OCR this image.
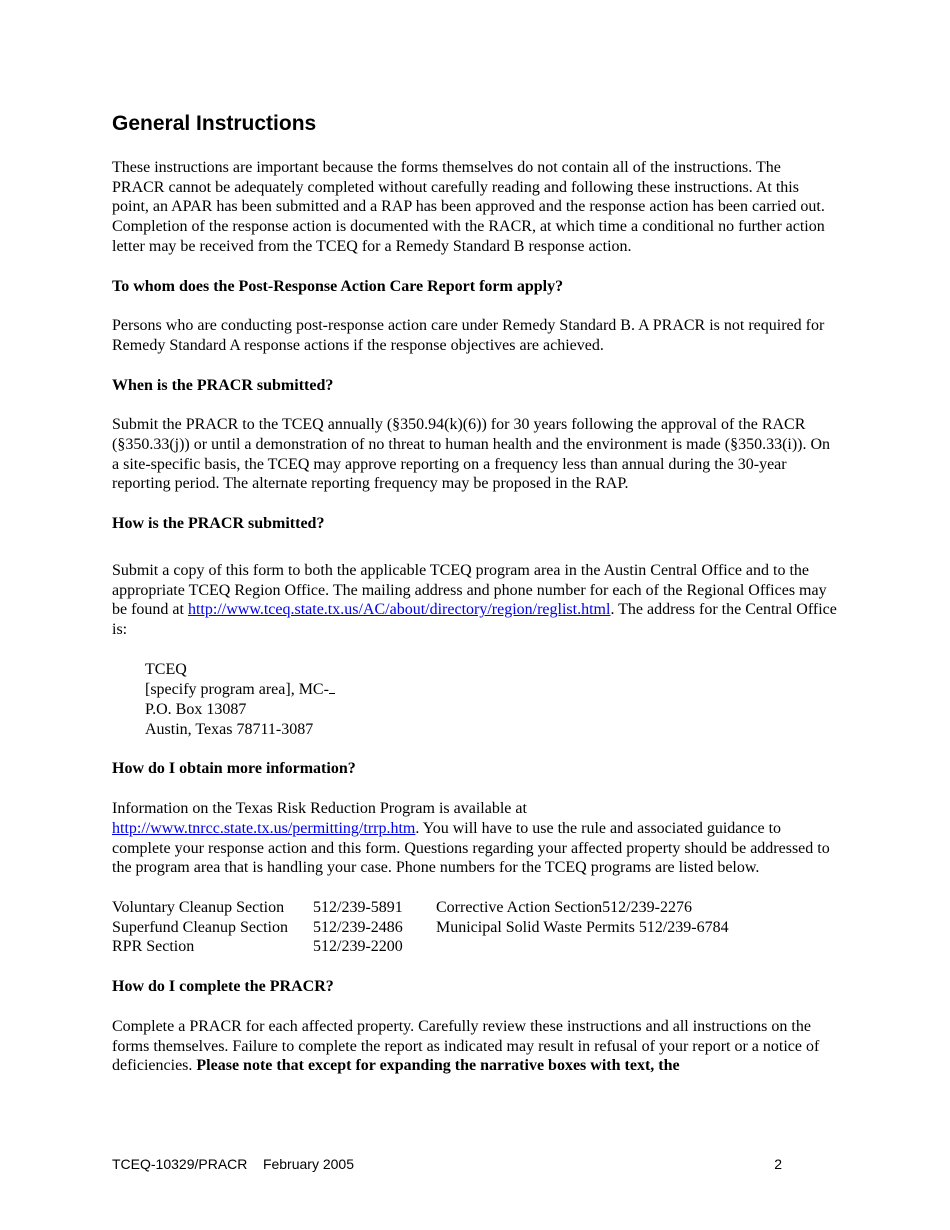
General Instructions

These instructions are important because the forms themselves do not contain all of the instructions. The PRACR cannot be adequately completed without carefully reading and following these instructions. At this point, an APAR has been submitted and a RAP has been approved and the response action has been carried out. Completion of the response action is documented with the RACR, at which time a conditional no further action letter may be received from the TCEQ for a Remedy Standard B response action.

To whom does the Post-Response Action Care Report form apply?

Persons who are conducting post-response action care under Remedy Standard B. A PRACR is not required for Remedy Standard A response actions if the response objectives are achieved.

When is the PRACR submitted?

Submit the PRACR to the TCEQ annually (§350.94(k)(6)) for 30 years following the approval of the RACR (§350.33(j)) or until a demonstration of no threat to human health and the environment is made (§350.33(i)). On a site-specific basis, the TCEQ may approve reporting on a frequency less than annual during the 30-year reporting period. The alternate reporting frequency may be proposed in the RAP.

How is the PRACR submitted?

Submit a copy of this form to both the applicable TCEQ program area in the Austin Central Office and to the appropriate TCEQ Region Office. The mailing address and phone number for each of the Regional Offices may be found at http://www.tceq.state.tx.us/AC/about/directory/region/reglist.html. The address for the Central Office is:

TCEQ
[specify program area], MC-
P.O. Box 13087
Austin, Texas 78711-3087

How do I obtain more information?

Information on the Texas Risk Reduction Program is available at http://www.tnrcc.state.tx.us/permitting/trrp.htm. You will have to use the rule and associated guidance to complete your response action and this form. Questions regarding your affected property should be addressed to the program area that is handling your case. Phone numbers for the TCEQ programs are listed below.

Voluntary Cleanup Section	512/239-5891	Corrective Action Section512/239-2276
Superfund Cleanup Section	512/239-2486	Municipal Solid Waste Permits 512/239-6784
RPR Section	512/239-2200

How do I complete the PRACR?

Complete a PRACR for each affected property. Carefully review these instructions and all instructions on the forms themselves. Failure to complete the report as indicated may result in refusal of your report or a notice of deficiencies. Please note that except for expanding the narrative boxes with text, the

TCEQ-10329/PRACR    February 2005	2
